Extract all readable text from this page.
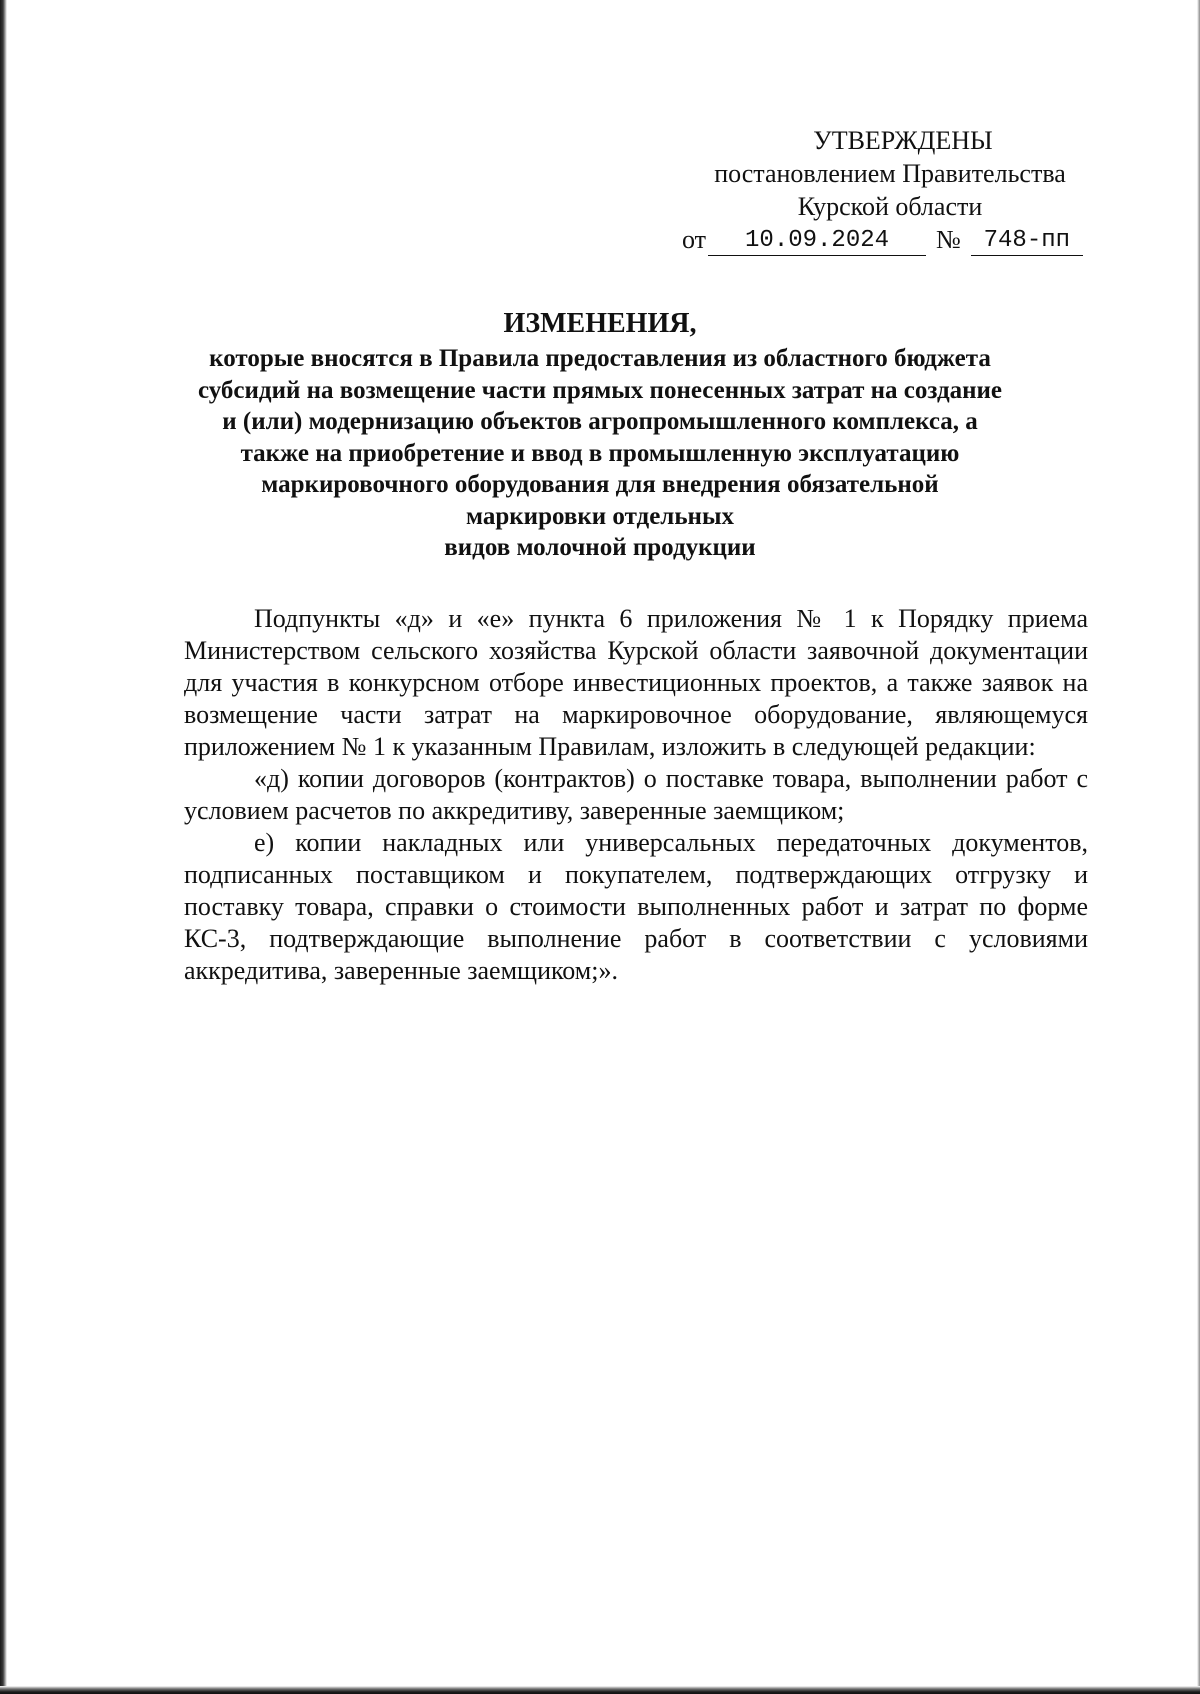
УТВЕРЖДЕНЫ
постановлением Правительства
Курской области
от	10.09.2024	№ 748-пп
ИЗМЕНЕНИЯ,
которые вносятся в Правила предоставления из областного бюджета
субсидий на возмещение части прямых понесенных затрат на создание
и (или) модернизацию объектов агропромышленного комплекса, а
также на приобретение и ввод в промышленную эксплуатацию
маркировочного оборудования для внедрения обязательной
маркировки отдельных
видов молочной продукции

Подпункты «д» и «е» пункта 6 приложения № 1 к Порядку приема Министерством сельского хозяйства Курской области заявочной документации для участия в конкурсном отборе инвестиционных проектов, а также заявок на возмещение части затрат на маркировочное оборудование, являющемуся приложением № 1 к указанным Правилам, изложить в следующей редакции:

«д) копии договоров (контрактов) о поставке товара, выполнении работ с условием расчетов по аккредитиву, заверенные заемщиком;

е) копии накладных или универсальных передаточных документов, подписанных поставщиком и покупателем, подтверждающих отгрузку и поставку товара, справки о стоимости выполненных работ и затрат по форме КС-3, подтверждающие выполнение работ в соответствии с условиями аккредитива, заверенные заемщиком;».
